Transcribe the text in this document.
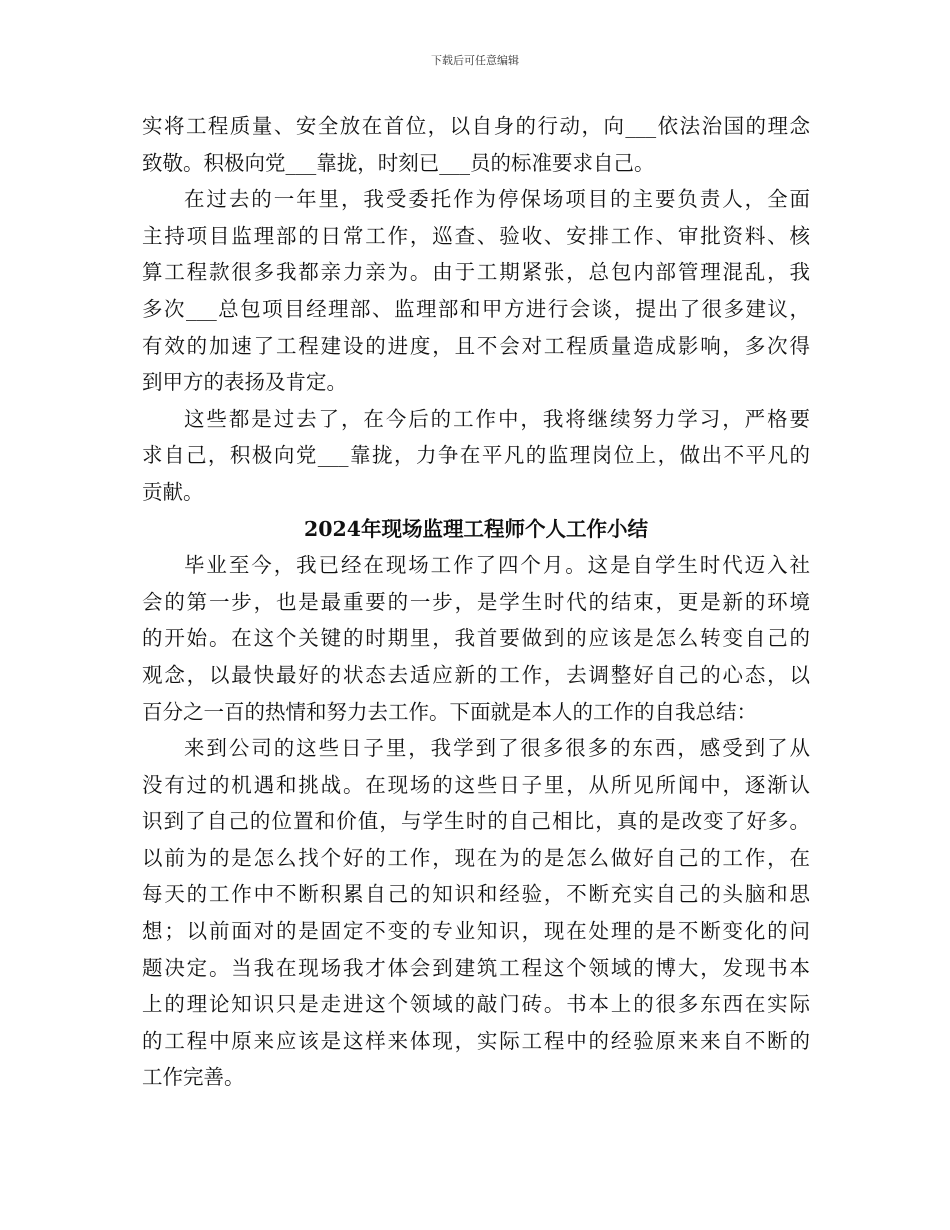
下载后可任意编辑
实将工程质量、安全放在首位，以自身的行动，向___依法治国的理念
致敬。积极向党___靠拢，时刻已___员的标准要求自己。
在过去的一年里，我受委托作为停保场项目的主要负责人，全面
主持项目监理部的日常工作，巡查、验收、安排工作、审批资料、核
算工程款很多我都亲力亲为。由于工期紧张，总包内部管理混乱，我
多次___总包项目经理部、监理部和甲方进行会谈，提出了很多建议，
有效的加速了工程建设的进度，且不会对工程质量造成影响，多次得
到甲方的表扬及肯定。
这些都是过去了，在今后的工作中，我将继续努力学习，严格要
求自己，积极向党___靠拢，力争在平凡的监理岗位上，做出不平凡的
贡献。
2024年现场监理工程师个人工作小结
毕业至今，我已经在现场工作了四个月。这是自学生时代迈入社
会的第一步，也是最重要的一步，是学生时代的结束，更是新的环境
的开始。在这个关键的时期里，我首要做到的应该是怎么转变自己的
观念，以最快最好的状态去适应新的工作，去调整好自己的心态，以
百分之一百的热情和努力去工作。下面就是本人的工作的自我总结：
来到公司的这些日子里，我学到了很多很多的东西，感受到了从
没有过的机遇和挑战。在现场的这些日子里，从所见所闻中，逐渐认
识到了自己的位置和价值，与学生时的自己相比，真的是改变了好多。
以前为的是怎么找个好的工作，现在为的是怎么做好自己的工作，在
每天的工作中不断积累自己的知识和经验，不断充实自己的头脑和思
想；以前面对的是固定不变的专业知识，现在处理的是不断变化的问
题决定。当我在现场我才体会到建筑工程这个领域的博大，发现书本
上的理论知识只是走进这个领域的敲门砖。书本上的很多东西在实际
的工程中原来应该是这样来体现，实际工程中的经验原来来自不断的
工作完善。
